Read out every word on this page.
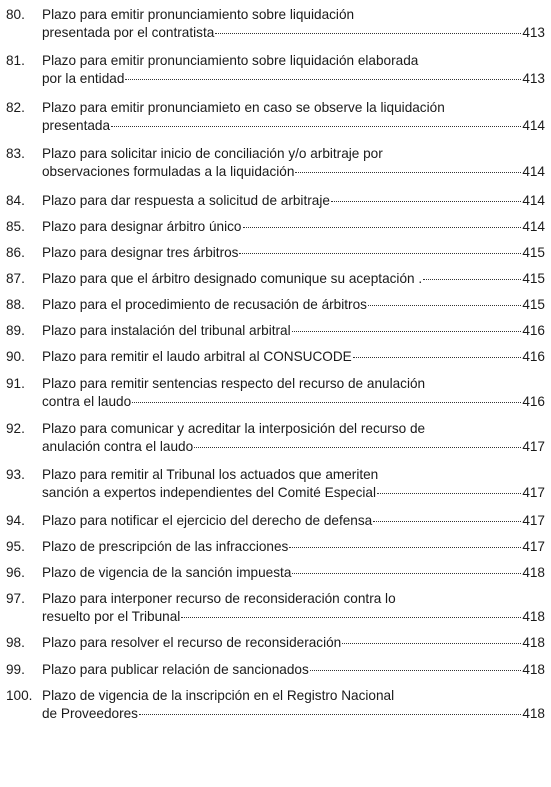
80. Plazo para emitir pronunciamiento sobre liquidación
presentada por el contratista	413
81. Plazo para emitir pronunciamiento sobre liquidación elaborada
por la entidad	413
82. Plazo para emitir pronunciamieto en caso se observe la liquidación
presentada	414
83. Plazo para solicitar inicio de conciliación y/o arbitraje por
observaciones formuladas a la liquidación	414
84. Plazo para dar respuesta a solicitud de arbitraje	414
85. Plazo para designar árbitro único	414
86. Plazo para designar tres árbitros	415
87. Plazo para que el árbitro designado comunique su aceptación .	415
88. Plazo para el procedimiento de recusación de árbitros	415
89. Plazo para instalación del tribunal arbitral	416
90. Plazo para remitir el laudo arbitral al CONSUCODE	416
91. Plazo para remitir sentencias respecto del recurso de anulación
contra el laudo	416
92. Plazo para comunicar y acreditar la interposición del recurso de
anulación contra el laudo	417
93. Plazo para remitir al Tribunal los actuados que ameriten
sanción a expertos independientes del Comité Especial	417
94. Plazo para notificar el ejercicio del derecho de defensa	417
95. Plazo de prescripción de las infracciones	417
96. Plazo de vigencia de la sanción impuesta	418
97. Plazo para interponer recurso de reconsideración contra lo
resuelto por el Tribunal	418
98. Plazo para resolver el recurso de reconsideración	418
99. Plazo para publicar relación de sancionados	418
100. Plazo de vigencia de la inscripción en el Registro Nacional
de Proveedores	418
